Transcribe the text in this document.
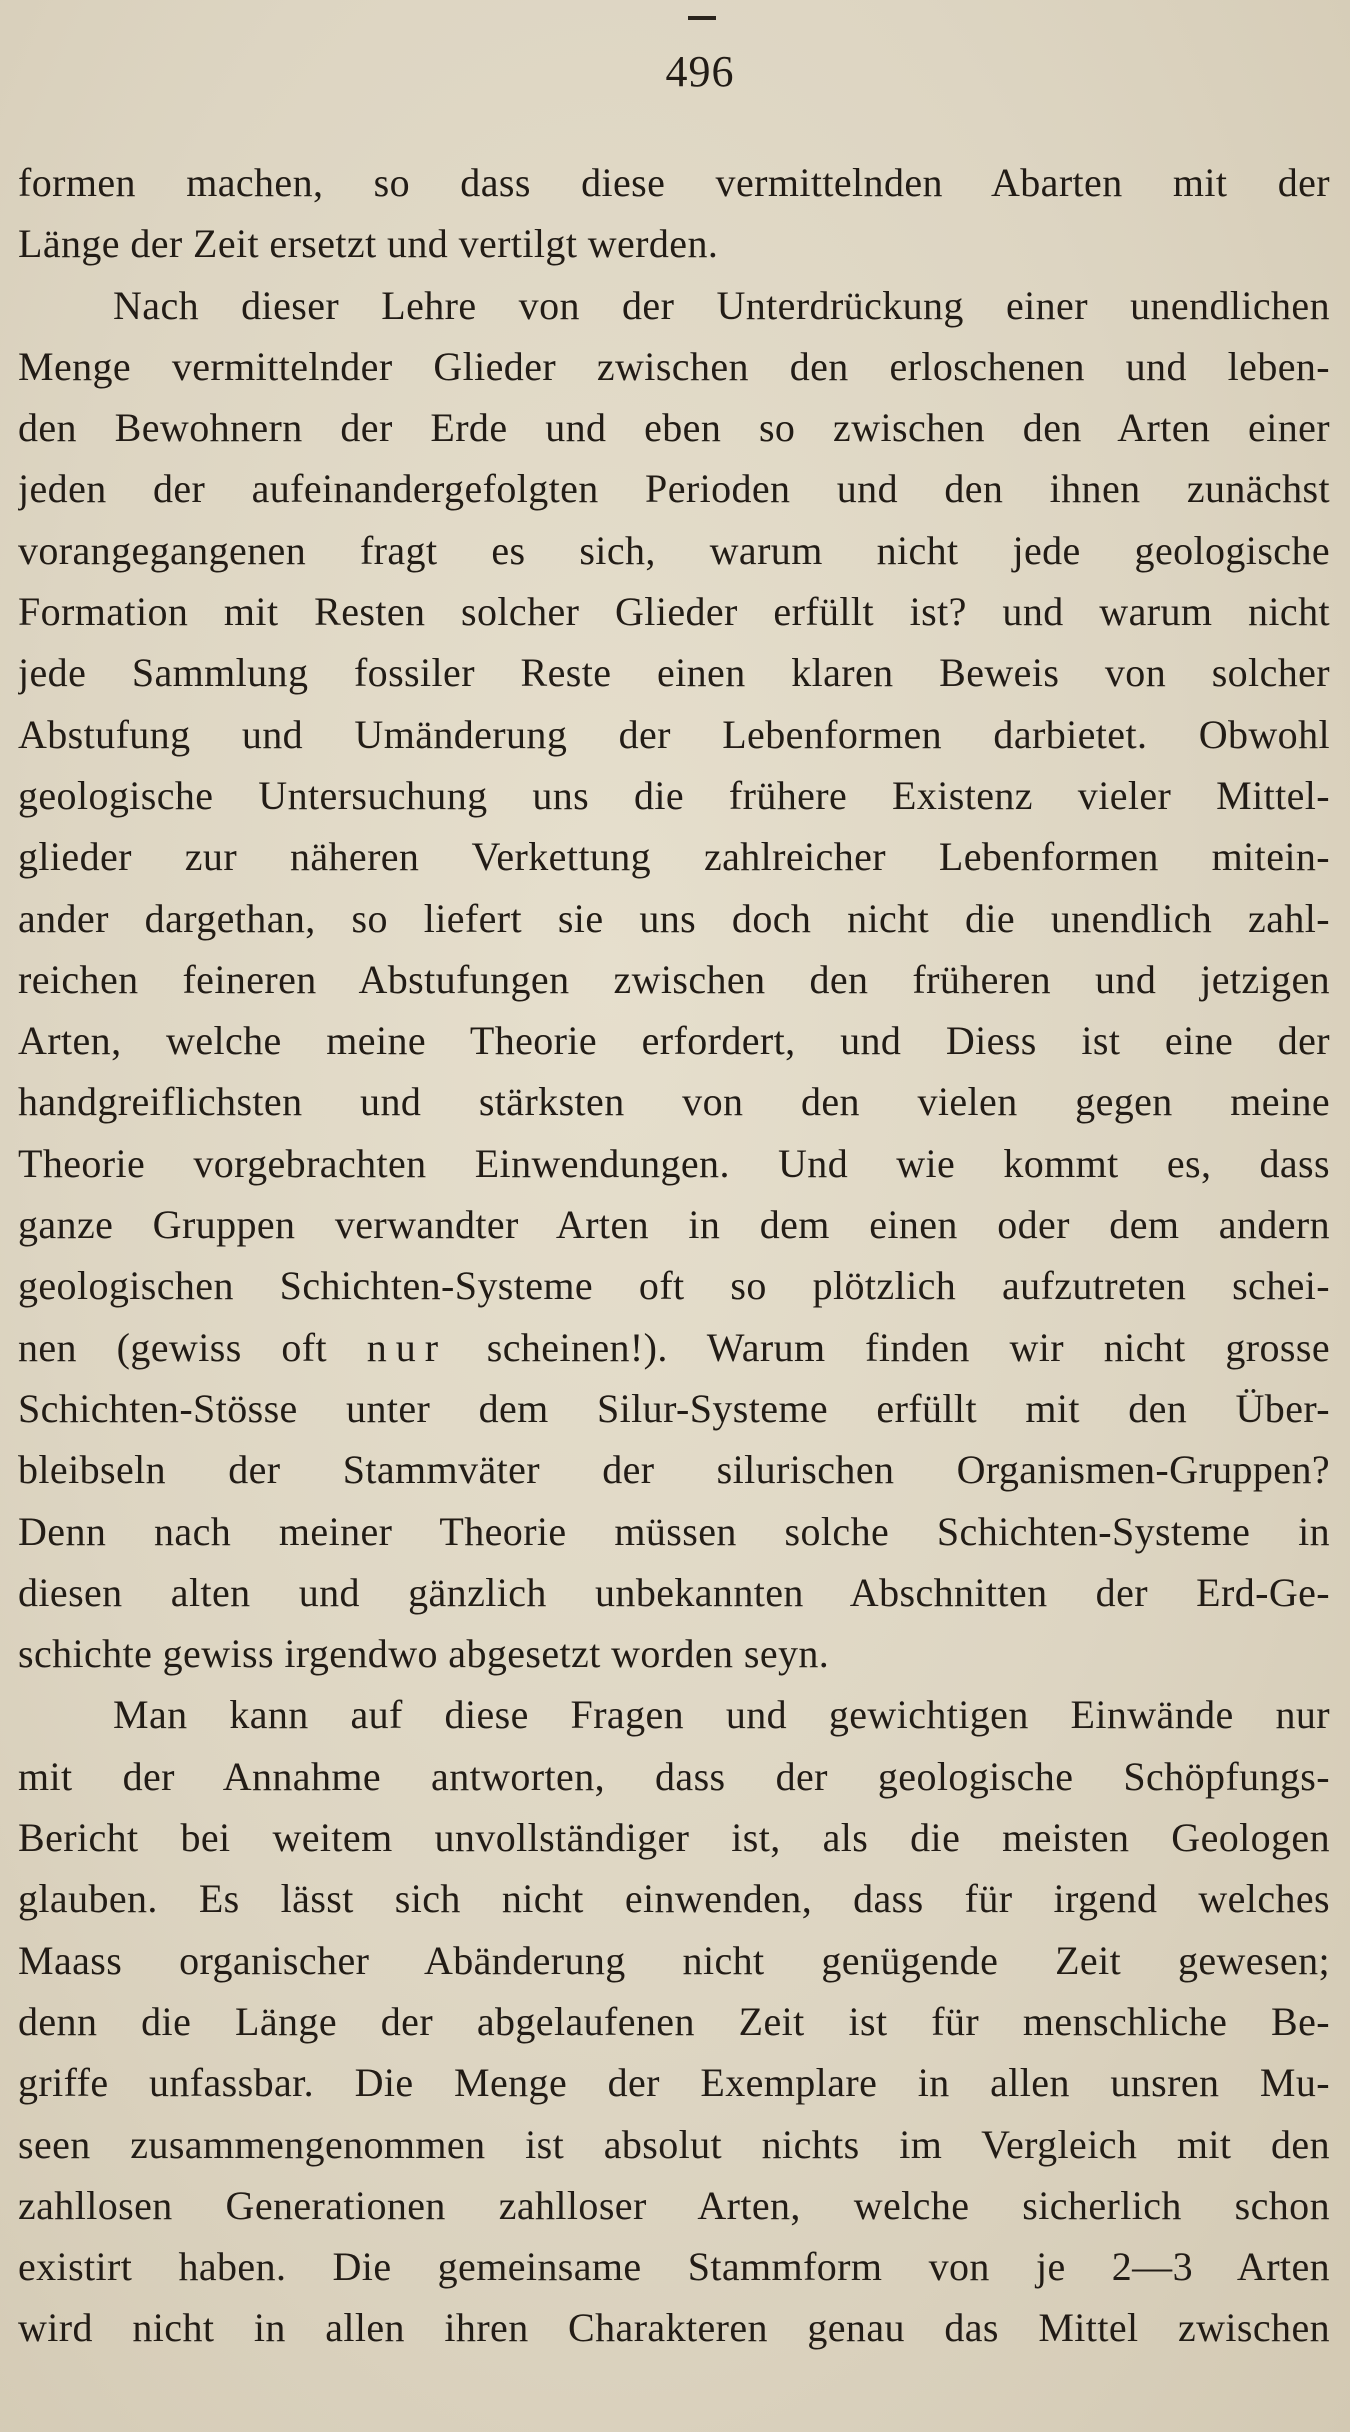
496
formen machen, so dass diese vermittelnden Abarten mit der
Länge der Zeit ersetzt und vertilgt werden.
Nach dieser Lehre von der Unterdrückung einer unendlichen
Menge vermittelnder Glieder zwischen den erloschenen und leben-
den Bewohnern der Erde und eben so zwischen den Arten einer
jeden der aufeinandergefolgten Perioden und den ihnen zunächst
vorangegangenen fragt es sich, warum nicht jede geologische
Formation mit Resten solcher Glieder erfüllt ist? und warum nicht
jede Sammlung fossiler Reste einen klaren Beweis von solcher
Abstufung und Umänderung der Lebenformen darbietet. Obwohl
geologische Untersuchung uns die frühere Existenz vieler Mittel-
glieder zur näheren Verkettung zahlreicher Lebenformen mitein-
ander dargethan, so liefert sie uns doch nicht die unendlich zahl-
reichen feineren Abstufungen zwischen den früheren und jetzigen
Arten, welche meine Theorie erfordert, und Diess ist eine der
handgreiflichsten und stärksten von den vielen gegen meine
Theorie vorgebrachten Einwendungen. Und wie kommt es, dass
ganze Gruppen verwandter Arten in dem einen oder dem andern
geologischen Schichten-Systeme oft so plötzlich aufzutreten schei-
nen (gewiss oft nur scheinen!). Warum finden wir nicht grosse
Schichten-Stösse unter dem Silur-Systeme erfüllt mit den Über-
bleibseln der Stammväter der silurischen Organismen-Gruppen?
Denn nach meiner Theorie müssen solche Schichten-Systeme in
diesen alten und gänzlich unbekannten Abschnitten der Erd-Ge-
schichte gewiss irgendwo abgesetzt worden seyn.
Man kann auf diese Fragen und gewichtigen Einwände nur
mit der Annahme antworten, dass der geologische Schöpfungs-
Bericht bei weitem unvollständiger ist, als die meisten Geologen
glauben. Es lässt sich nicht einwenden, dass für irgend welches
Maass organischer Abänderung nicht genügende Zeit gewesen;
denn die Länge der abgelaufenen Zeit ist für menschliche Be-
griffe unfassbar. Die Menge der Exemplare in allen unsren Mu-
seen zusammengenommen ist absolut nichts im Vergleich mit den
zahllosen Generationen zahlloser Arten, welche sicherlich schon
existirt haben. Die gemeinsame Stammform von je 2—3 Arten
wird nicht in allen ihren Charakteren genau das Mittel zwischen
